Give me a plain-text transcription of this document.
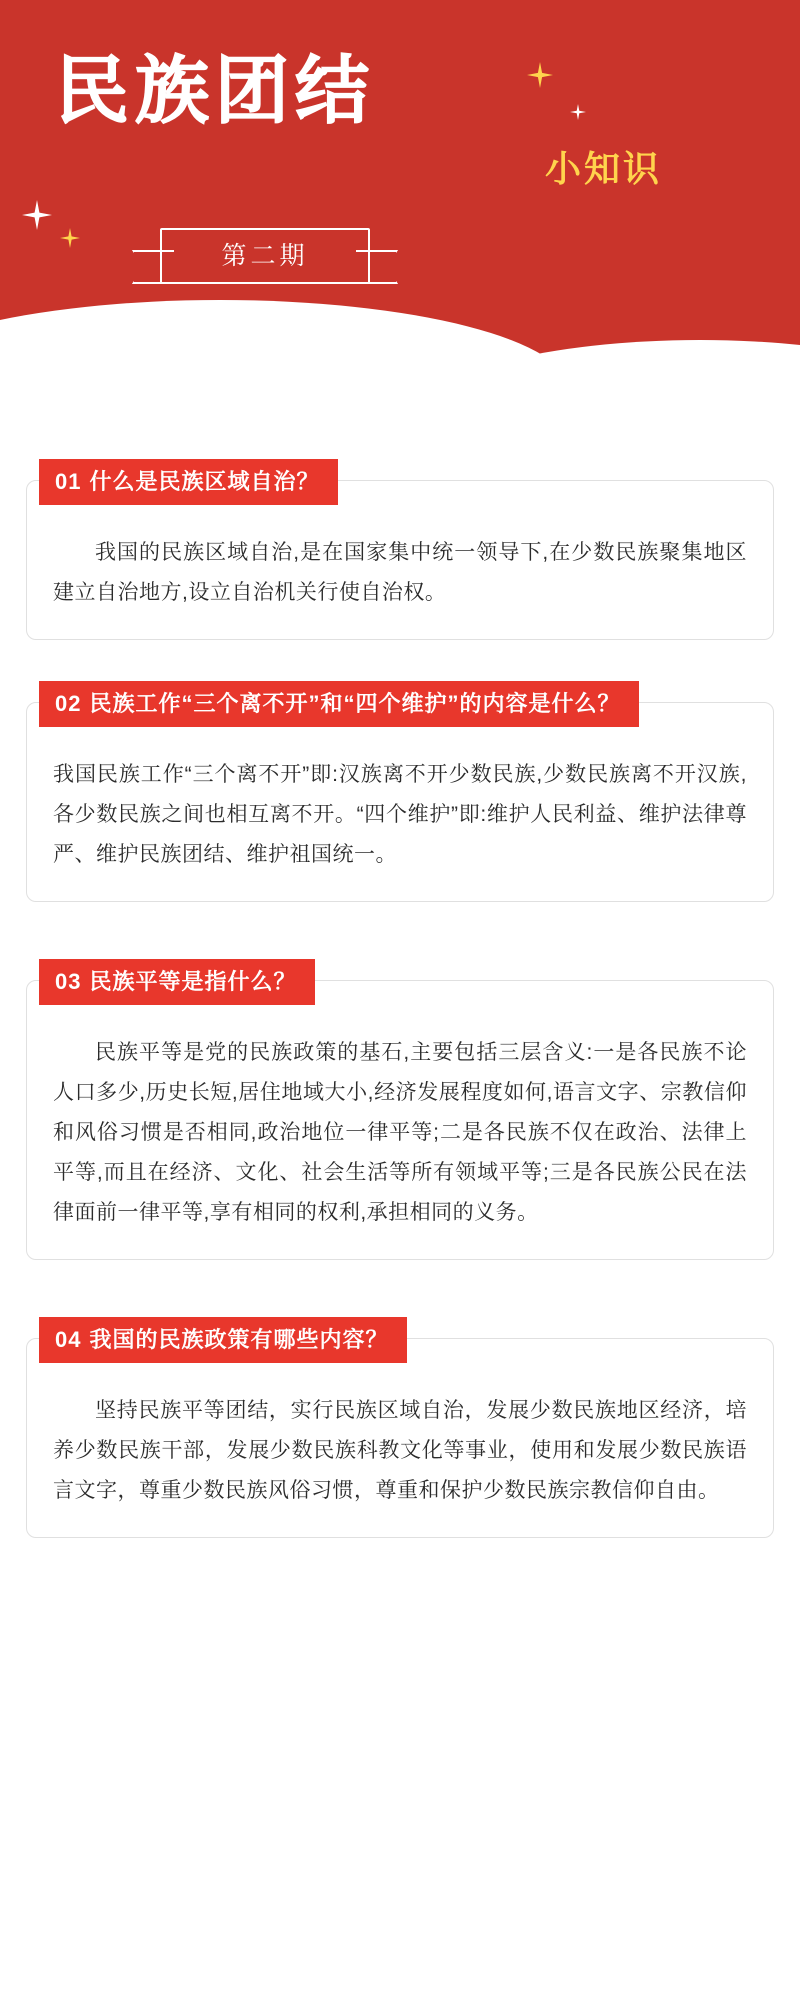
民族团结
小知识
第二期
01 什么是民族区域自治？
我国的民族区域自治,是在国家集中统一领导下,在少数民族聚集地区建立自治地方,设立自治机关行使自治权。
02 民族工作“三个离不开”和“四个维护”的内容是什么？
我国民族工作“三个离不开”即:汉族离不开少数民族,少数民族离不开汉族,各少数民族之间也相互离不开。“四个维护”即:维护人民利益、维护法律尊严、维护民族团结、维护祖国统一。
03 民族平等是指什么？
民族平等是党的民族政策的基石,主要包括三层含义:一是各民族不论人口多少,历史长短,居住地域大小,经济发展程度如何,语言文字、宗教信仰和风俗习惯是否相同,政治地位一律平等;二是各民族不仅在政治、法律上平等,而且在经济、文化、社会生活等所有领域平等;三是各民族公民在法律面前一律平等,享有相同的权利,承担相同的义务。
04 我国的民族政策有哪些内容？
坚持民族平等团结，实行民族区域自治，发展少数民族地区经济，培养少数民族干部，发展少数民族科教文化等事业，使用和发展少数民族语言文字，尊重少数民族风俗习惯，尊重和保护少数民族宗教信仰自由。
